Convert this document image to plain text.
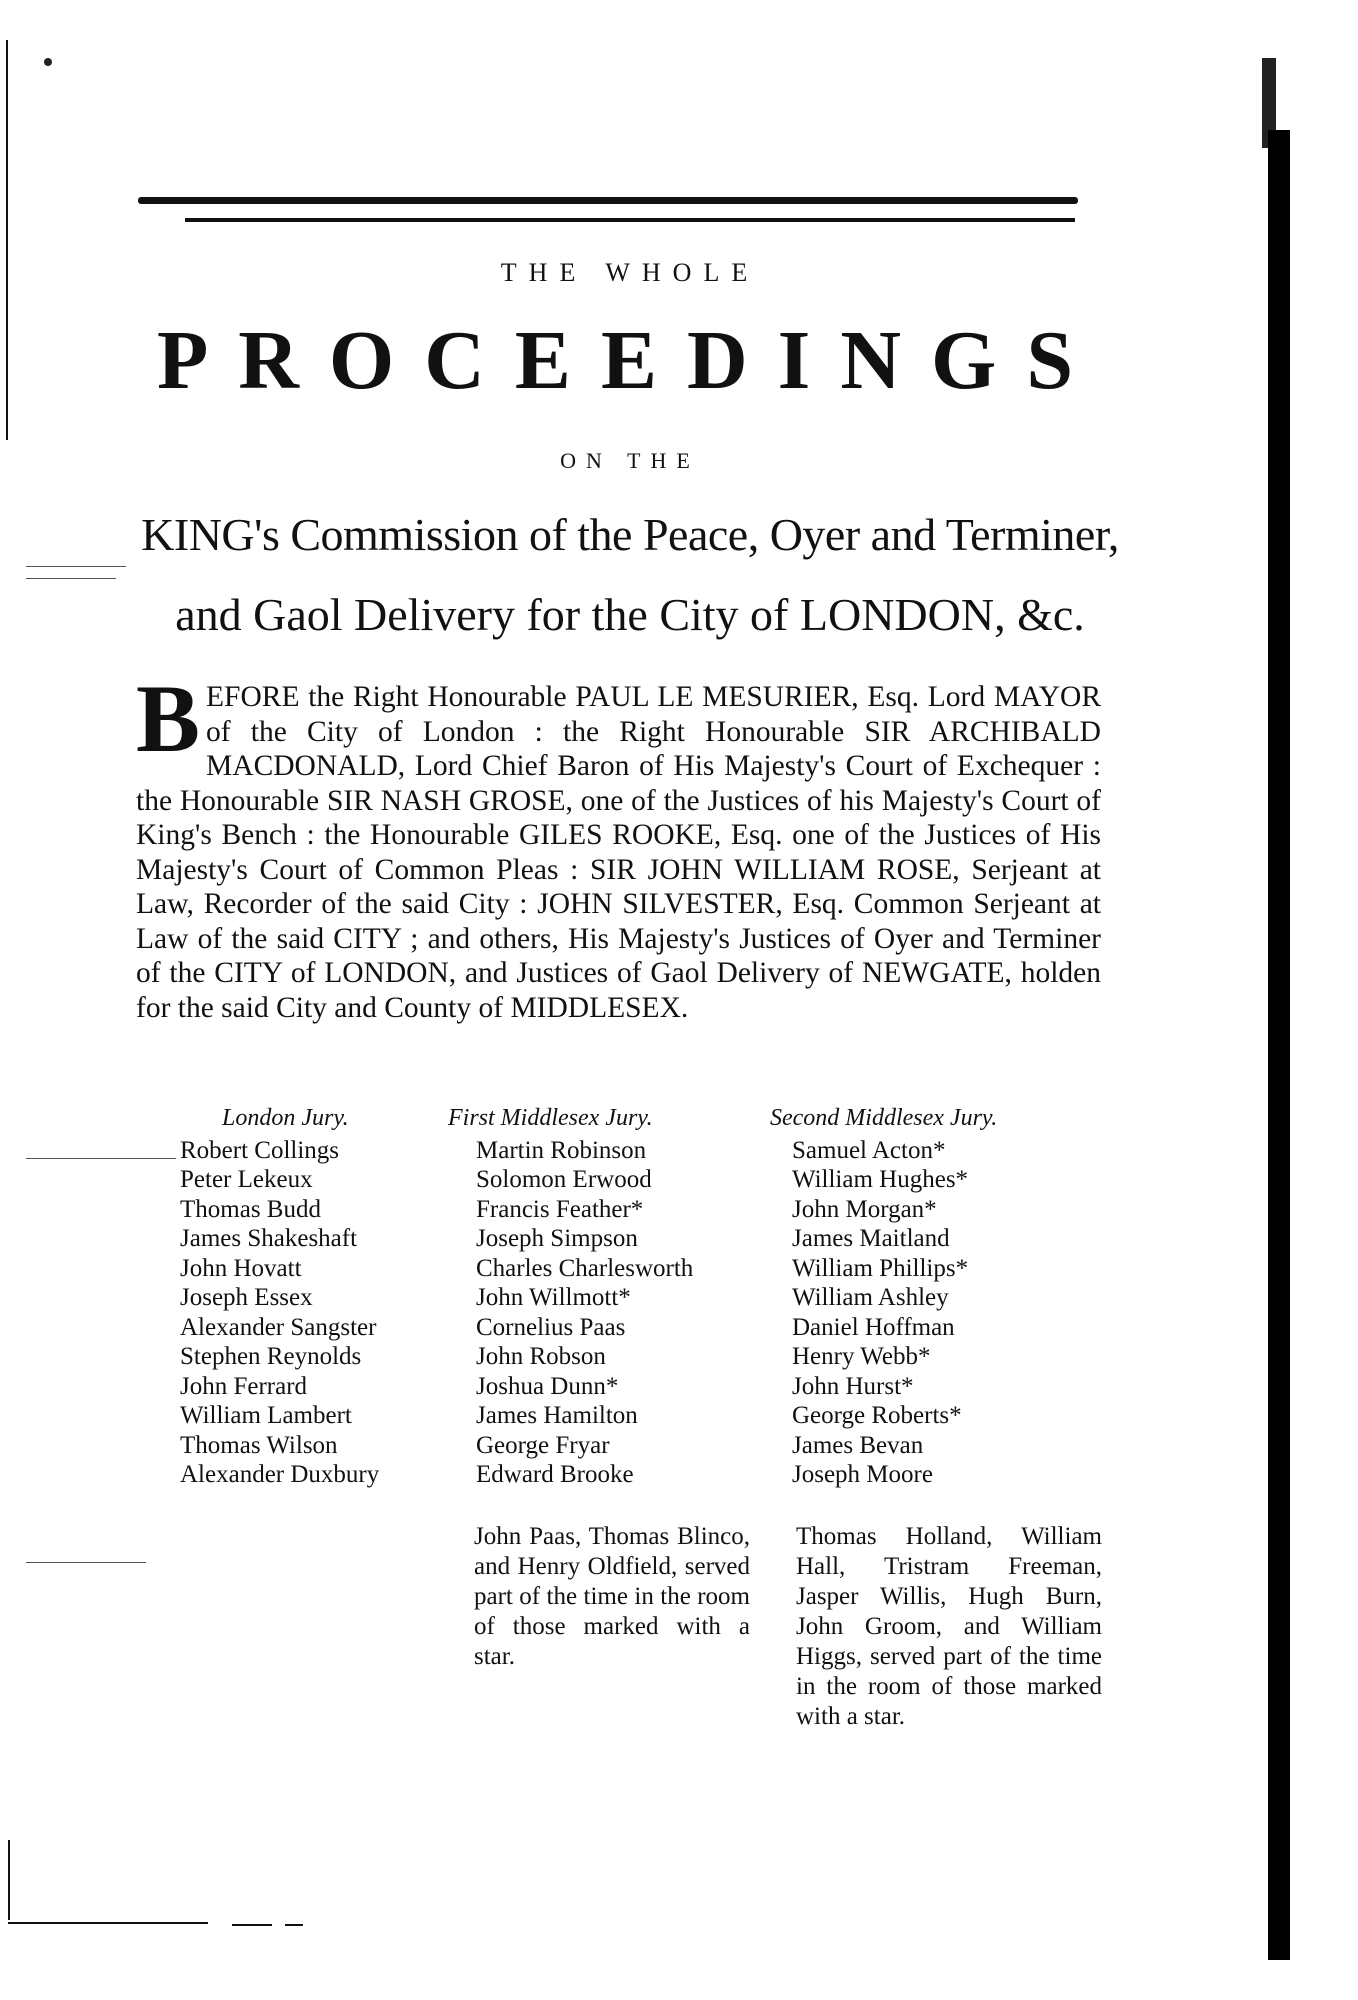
THE WHOLE
PROCEEDINGS
ON THE
KING's Commission of the Peace, Oyer and Terminer,
and Gaol Delivery for the City of LONDON, &c.
BEFORE the Right Honourable PAUL LE MESURIER, Esq. Lord MAYOR of the City of London : the Right Honourable SIR ARCHIBALD MACDONALD, Lord Chief Baron of His Majesty's Court of Exchequer : the Honourable SIR NASH GROSE, one of the Justices of his Majesty's Court of King's Bench : the Honourable GILES ROOKE, Esq. one of the Justices of His Majesty's Court of Common Pleas : SIR JOHN WILLIAM ROSE, Serjeant at Law, Recorder of the said City : JOHN SILVESTER, Esq. Common Serjeant at Law of the said CITY ; and others, His Majesty's Justices of Oyer and Terminer of the CITY of LONDON, and Justices of Gaol Delivery of NEWGATE, holden for the said City and County of MIDDLESEX.
London Jury.
Robert Collings
Peter Lekeux
Thomas Budd
James Shakeshaft
John Hovatt
Joseph Essex
Alexander Sangster
Stephen Reynolds
John Ferrard
William Lambert
Thomas Wilson
Alexander Duxbury
First Middlesex Jury.
Martin Robinson
Solomon Erwood
Francis Feather*
Joseph Simpson
Charles Charlesworth
John Willmott*
Cornelius Paas
John Robson
Joshua Dunn*
James Hamilton
George Fryar
Edward Brooke
Second Middlesex Jury.
Samuel Acton*
William Hughes*
John Morgan*
James Maitland
William Phillips*
William Ashley
Daniel Hoffman
Henry Webb*
John Hurst*
George Roberts*
James Bevan
Joseph Moore
John Paas, Thomas Blinco, and Henry Oldfield, served part of the time in the room of those marked with a star.
Thomas Holland, William Hall, Tristram Freeman, Jasper Willis, Hugh Burn, John Groom, and William Higgs, served part of the time in the room of those marked with a star.
